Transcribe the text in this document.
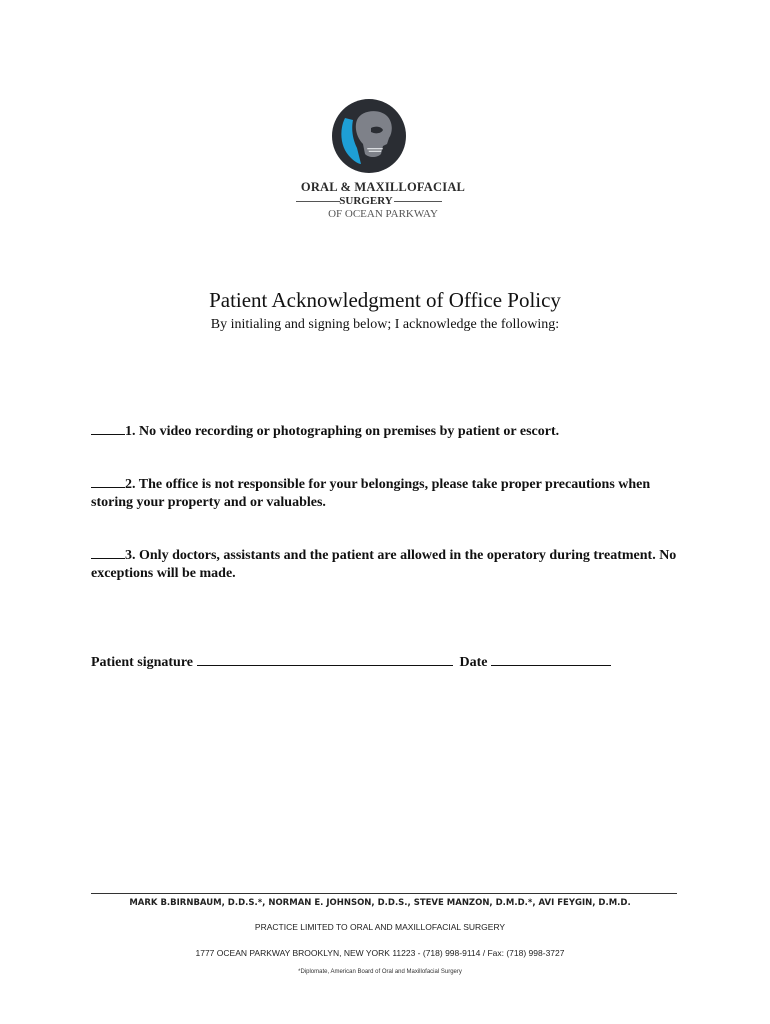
ORAL & MAXILLOFACIAL
SURGERY
OF OCEAN PARKWAY
Patient Acknowledgment of Office Policy
By initialing and signing below; I acknowledge the following:
1. No video recording or photographing on premises by patient or escort.
2. The office is not responsible for your belongings, please take proper precautions when storing your property and or valuables.
3. Only doctors, assistants and the patient are allowed in the operatory during treatment. No exceptions will be made.
Patient signature	Date
MARK B.BIRNBAUM, D.D.S.*, NORMAN E. JOHNSON, D.D.S., STEVE MANZON, D.M.D.*, AVI FEYGIN, D.M.D.
PRACTICE LIMITED TO ORAL AND MAXILLOFACIAL SURGERY
1777 OCEAN PARKWAY BROOKLYN, NEW YORK 11223 - (718) 998-9114 / Fax: (718) 998-3727
*Diplomate, American Board of Oral and Maxillofacial Surgery
